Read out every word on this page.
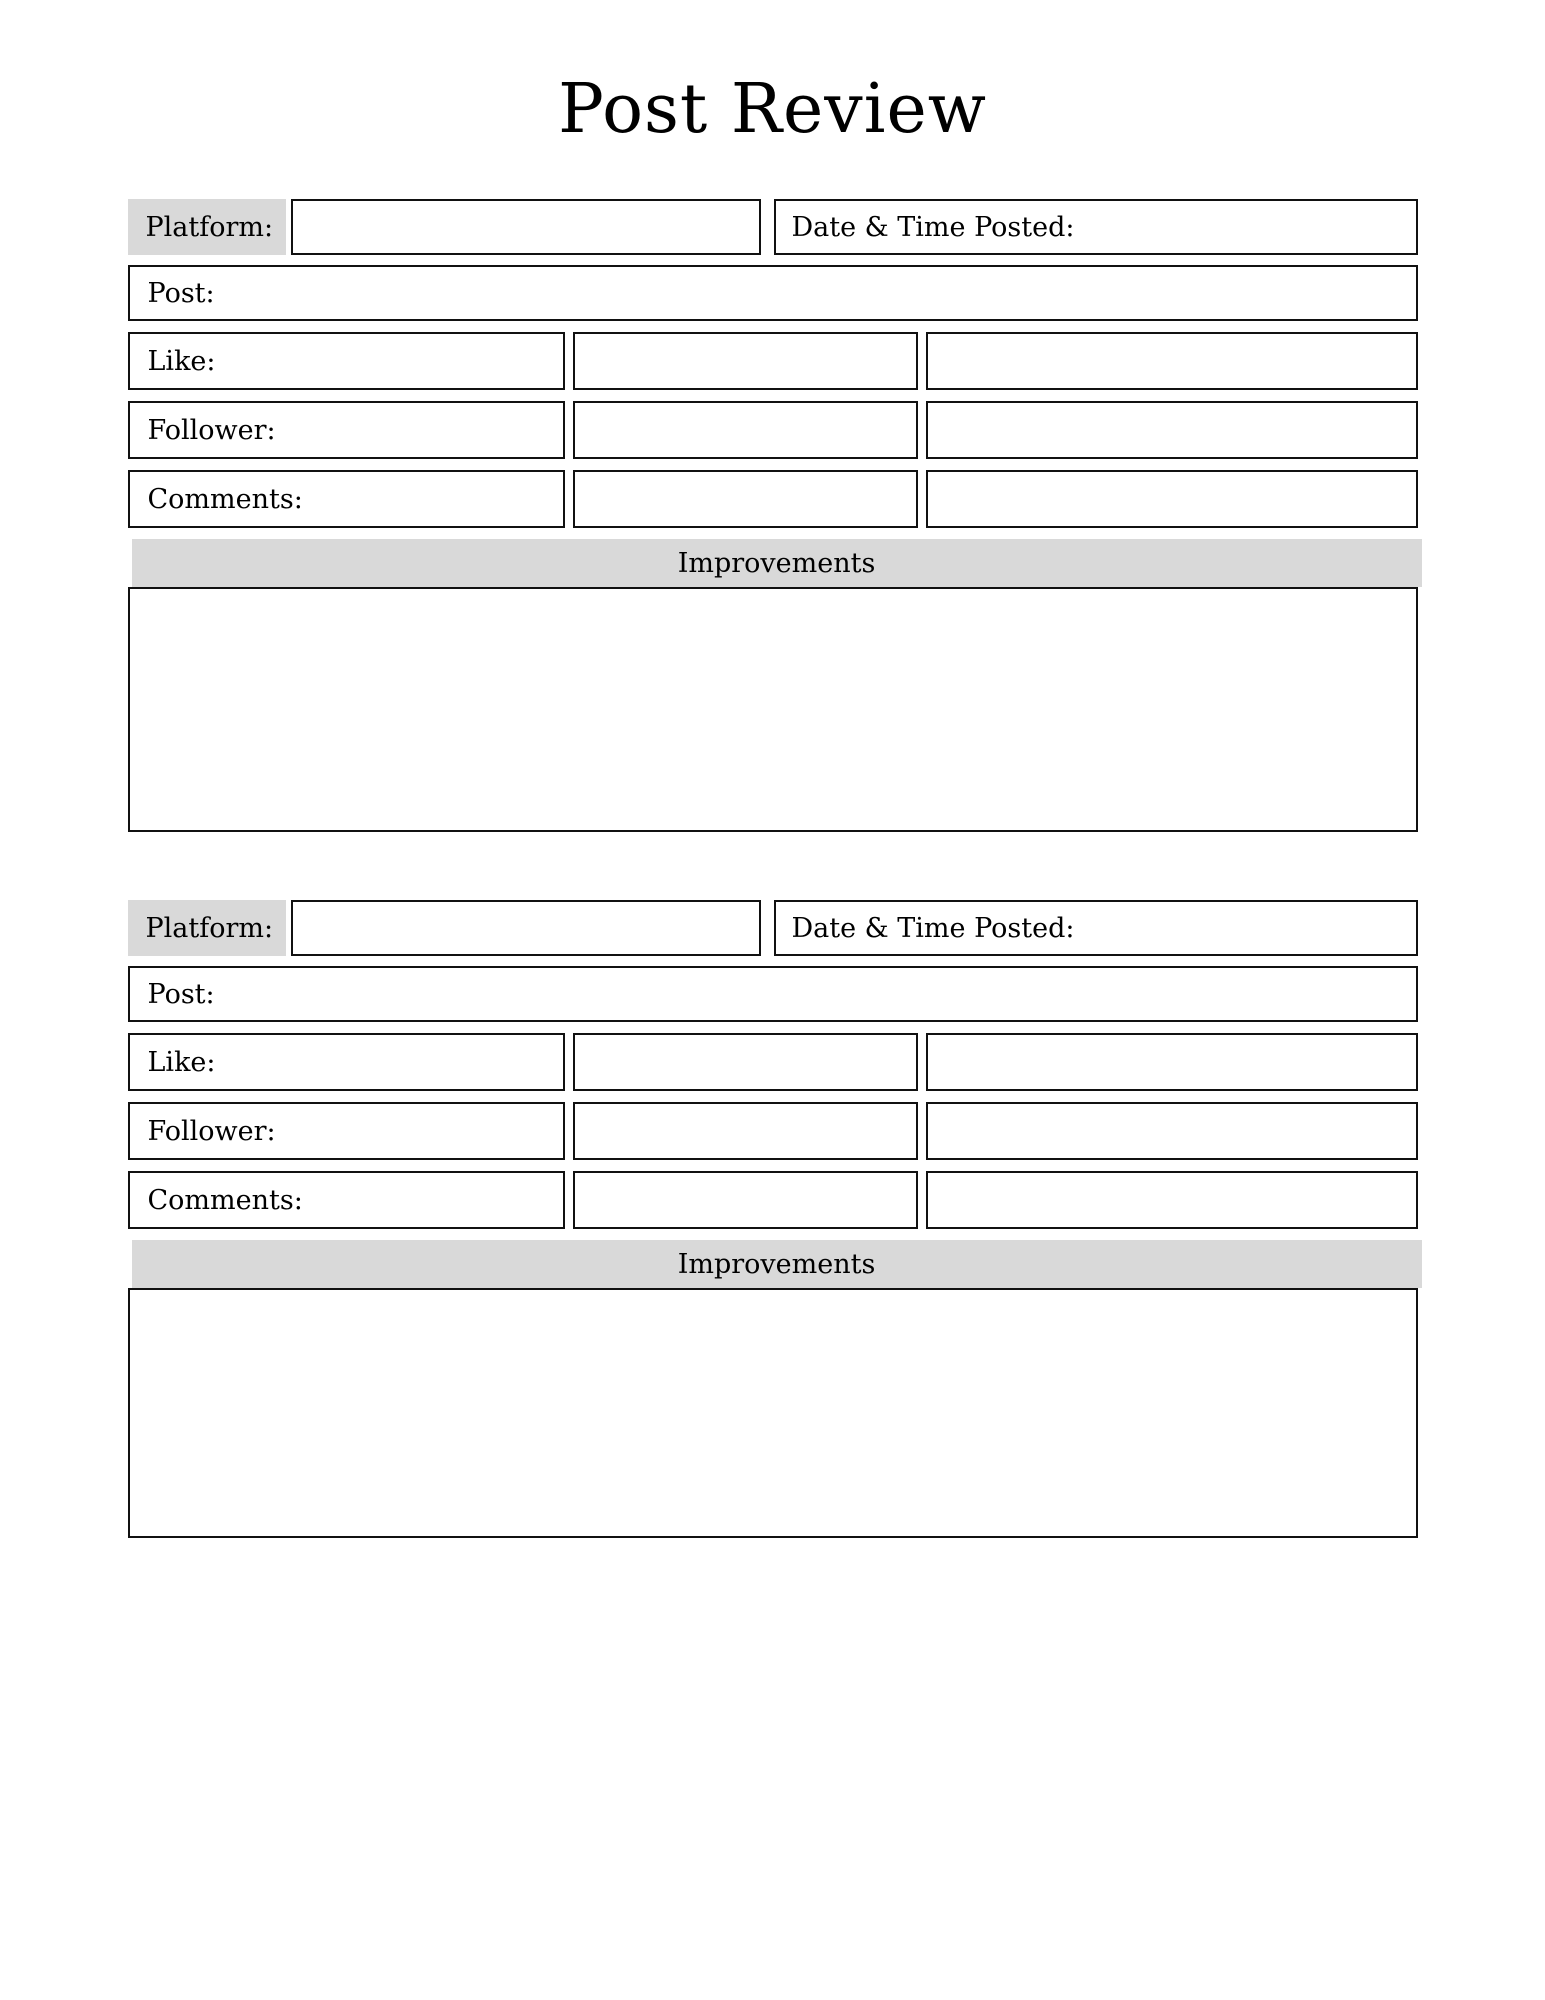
Post Review
Platform:	Date & Time Posted:
Post:
Like:
Follower:
Comments:
Improvements
Platform:	Date & Time Posted:
Post:
Like:
Follower:
Comments:
Improvements
